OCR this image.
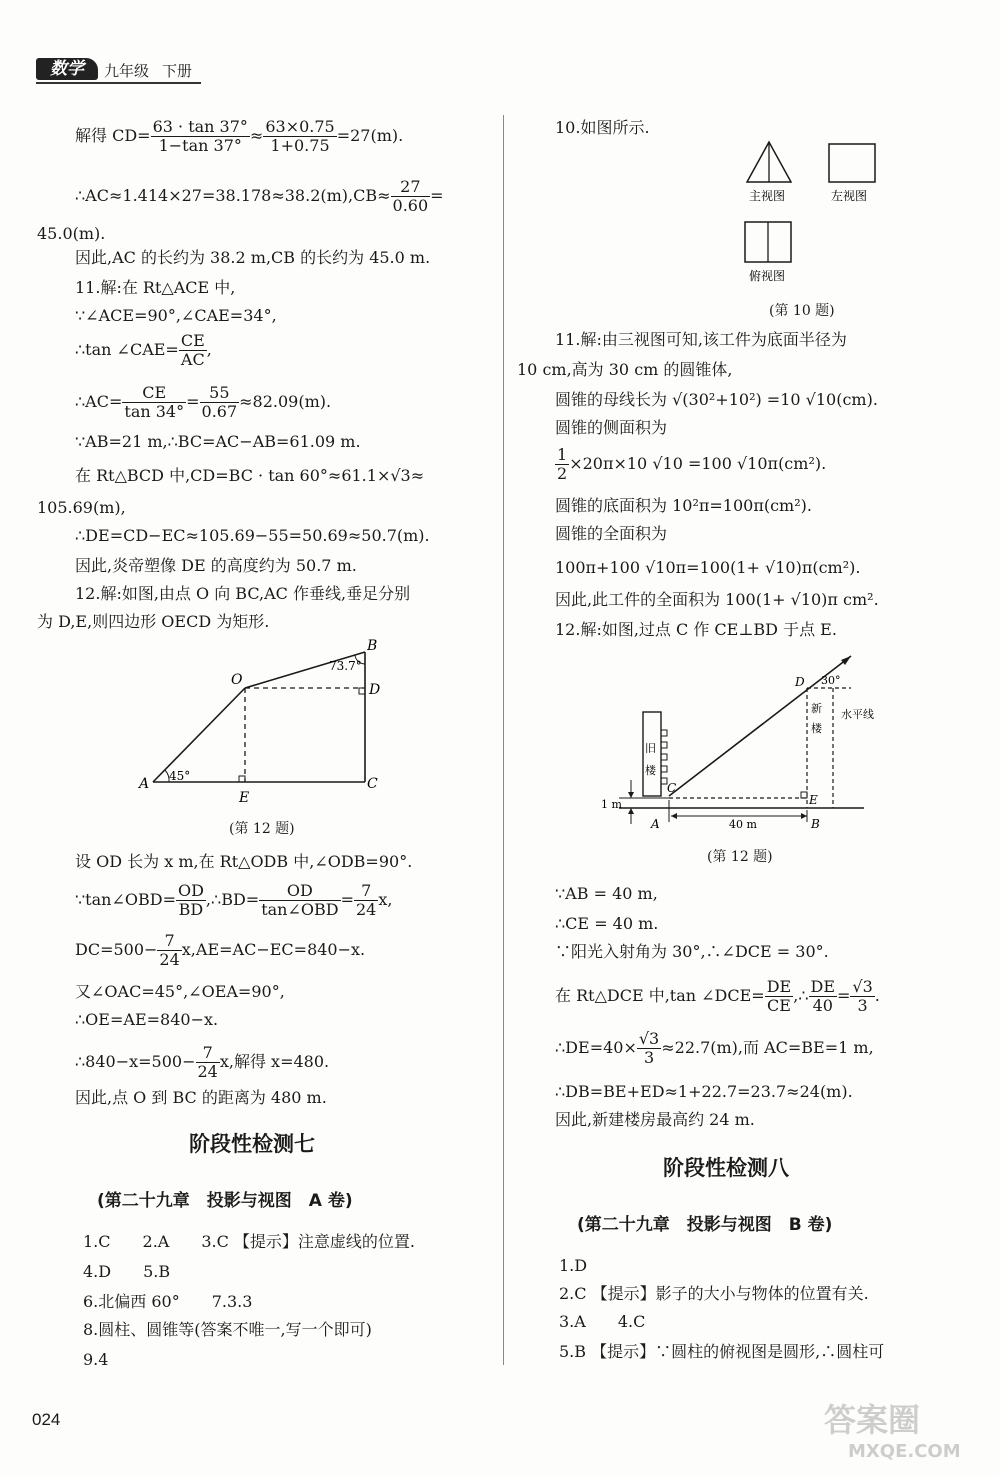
数学	九年级 下册
解得 $CD= \frac{63 \cdot \tan 37^\circ}{1-\tan 37^\circ} \approx \frac{63\times 0.75}{1+0.75} =27(m)$.
∴AC≈1.414×27=38.178≈38.2(m),CB≈ $\frac{27}{0.60}$ =
45.0(m).
因此,AC 的长约为 38.2 m,CB 的长约为 45.0 m.
11.解:在 Rt△ACE 中,
∵∠ACE=90°,∠CAE=34°,
∴tan ∠CAE= $\frac{CE}{AC}$ ,
∴AC= $\frac{CE}{\tan 34^\circ} = \frac{55}{0.67} \approx 82.09(m)$.
∵AB=21 m,∴BC=AC−AB=61.09 m.
在 Rt△BCD 中,CD=BC · tan 60°≈61.1×√3≈
105.69(m),
∴DE=CD−EC≈105.69−55=50.69≈50.7(m).
因此,炎帝塑像 DE 的高度约为 50.7 m.
12.解:如图,由点 O 向 BC,AC 作垂线,垂足分别
为 D,E,则四边形 OECD 为矩形.
B
73.7°
O
D
A 45°
E
C
(第 12 题)
设 OD 长为 x m,在 Rt△ODB 中,∠ODB=90°.
∵tan∠OBD= $\frac{OD}{BD}$ ,∴BD= $\frac{OD}{\text{tan∠OBD}} = \frac{7}{24} x$,
$DC=500- \frac{7}{24} x,AE=AC-EC=840-x$.
又∠OAC=45°,∠OEA=90°,
∴OE=AE=840−x.
∴840−x=500− $\frac{7}{24} x$,解得 x=480.
因此,点 O 到 BC 的距离为 480 m.
阶段性检测七
(第二十九章　投影与视图　A 卷)
1.C　　2.A　　3.C 【提示】注意虚线的位置.
4.D　　5.B
6.北偏西 60°　　7.3.3
8.圆柱、圆锥等(答案不唯一,写一个即可)
9.4
10.如图所示.
主视图	左视图
俯视图
(第 10 题)
11.解:由三视图可知,该工件为底面半径为
10 cm,高为 30 cm 的圆锥体,
圆锥的母线长为 √(30²+10²) =10 √10(cm).
圆锥的侧面积为
$\frac{1}{2} \times 20\pi\times 10$ √10 =100 √10π(cm²).
圆锥的底面积为 10²π=100π(cm²).
圆锥的全面积为
100π+100 √10π=100(1+ √10)π(cm²).
因此,此工件的全面积为 100(1+ √10)π cm².
12.解:如图,过点 C 作 CE⊥BD 于点 E.
D 30°
新楼
水平线
旧
楼
C
E
1 m
A	40 m	B
(第 12 题)
∵AB = 40 m,
∴CE = 40 m.
∵阳光入射角为 30°,∴∠DCE = 30°.
在 Rt△DCE 中,tan ∠DCE= $\frac{DE}{CE}$ ,∴ $\frac{DE}{40} = \frac{√3}{3}$ .
∴DE=40× $\frac{√3}{3} \approx 22.7(m)$,而 AC=BE=1 m,
∴DB=BE+ED≈1+22.7=23.7≈24(m).
因此,新建楼房最高约 24 m.
阶段性检测八
(第二十九章　投影与视图　B 卷)
1.D
2.C 【提示】影子的大小与物体的位置有关.
3.A　　4.C
5.B 【提示】∵圆柱的俯视图是圆形,∴圆柱可
024	答案圈
MXQE.COM
